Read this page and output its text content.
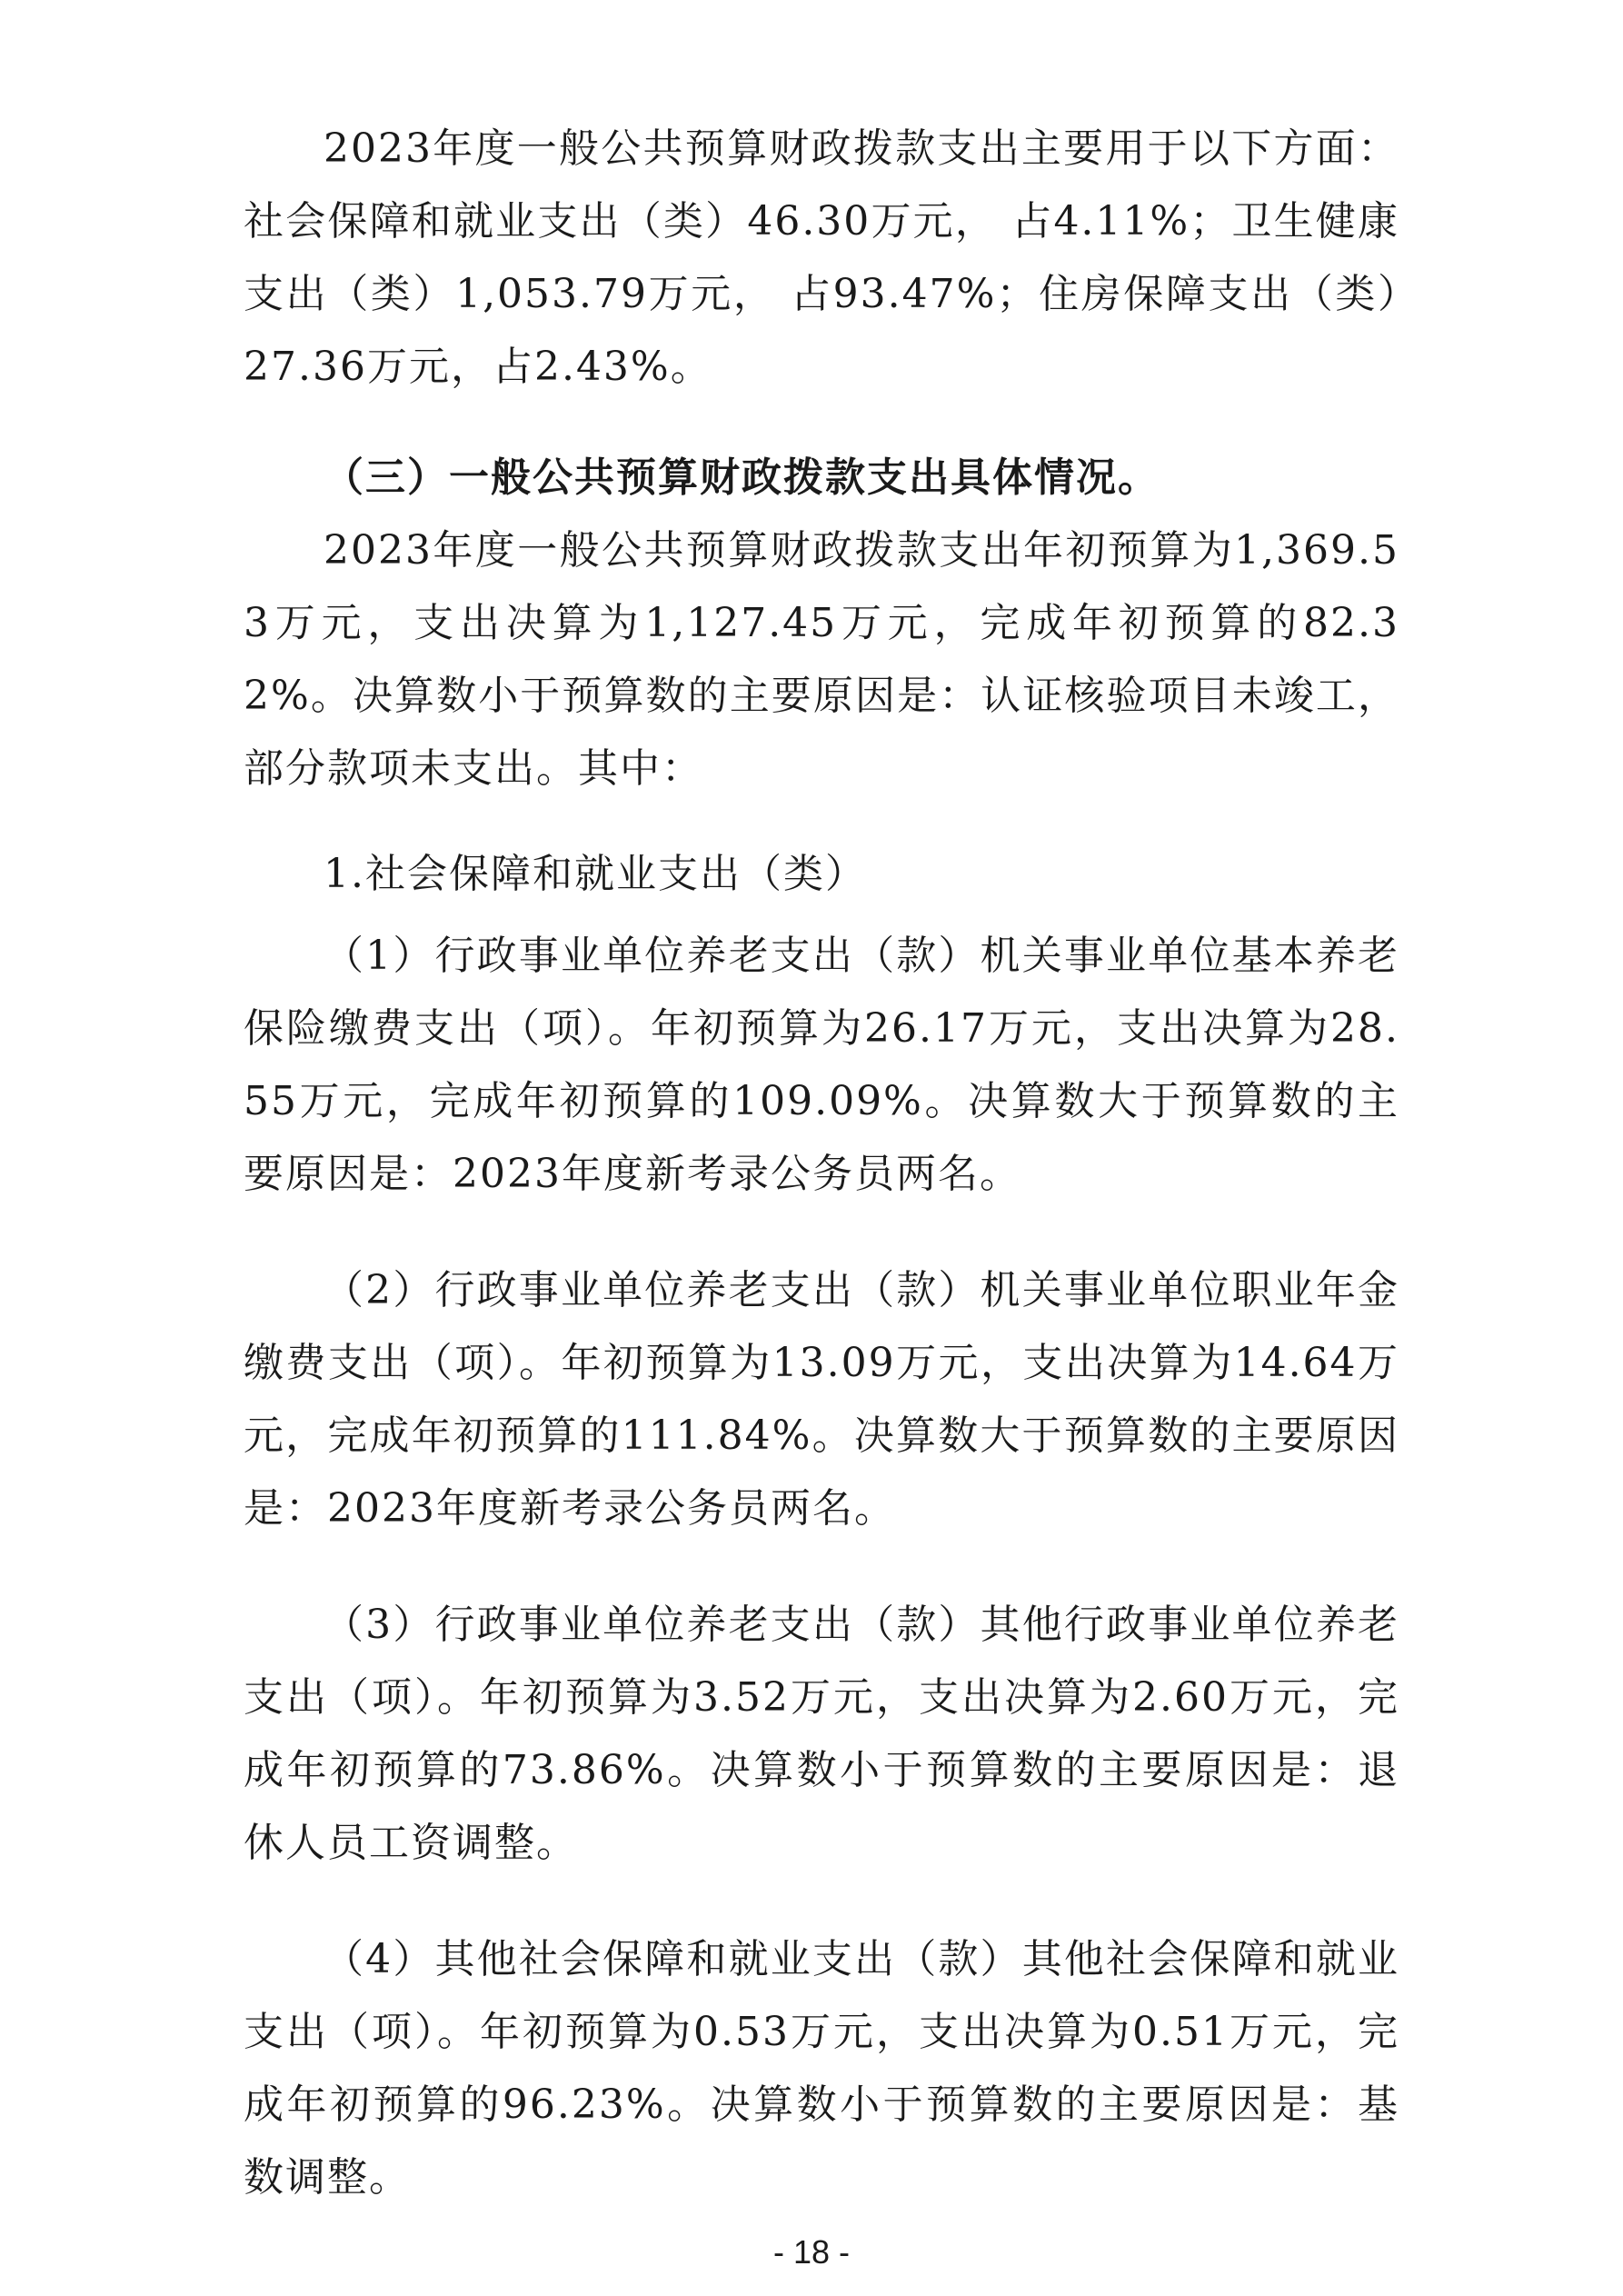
2023年度一般公共预算财政拨款支出主要用于以下方面：社会保障和就业支出（类）46.30万元， 占4.11%；卫生健康支出（类）1,053.79万元， 占93.47%；住房保障支出（类）27.36万元，占2.43%。

（三）一般公共预算财政拨款支出具体情况。

2023年度一般公共预算财政拨款支出年初预算为1,369.53万元，支出决算为1,127.45万元，完成年初预算的82.32%。决算数小于预算数的主要原因是：认证核验项目未竣工，部分款项未支出。其中：

1.社会保障和就业支出（类）

（1）行政事业单位养老支出（款）机关事业单位基本养老保险缴费支出（项）。年初预算为26.17万元，支出决算为28.55万元，完成年初预算的109.09%。决算数大于预算数的主要原因是：2023年度新考录公务员两名。

（2）行政事业单位养老支出（款）机关事业单位职业年金缴费支出（项）。年初预算为13.09万元，支出决算为14.64万元，完成年初预算的111.84%。决算数大于预算数的主要原因是：2023年度新考录公务员两名。

（3）行政事业单位养老支出（款）其他行政事业单位养老支出（项）。年初预算为3.52万元，支出决算为2.60万元，完成年初预算的73.86%。决算数小于预算数的主要原因是：退休人员工资调整。

（4）其他社会保障和就业支出（款）其他社会保障和就业支出（项）。年初预算为0.53万元，支出决算为0.51万元，完成年初预算的96.23%。决算数小于预算数的主要原因是：基数调整。

- 18 -
